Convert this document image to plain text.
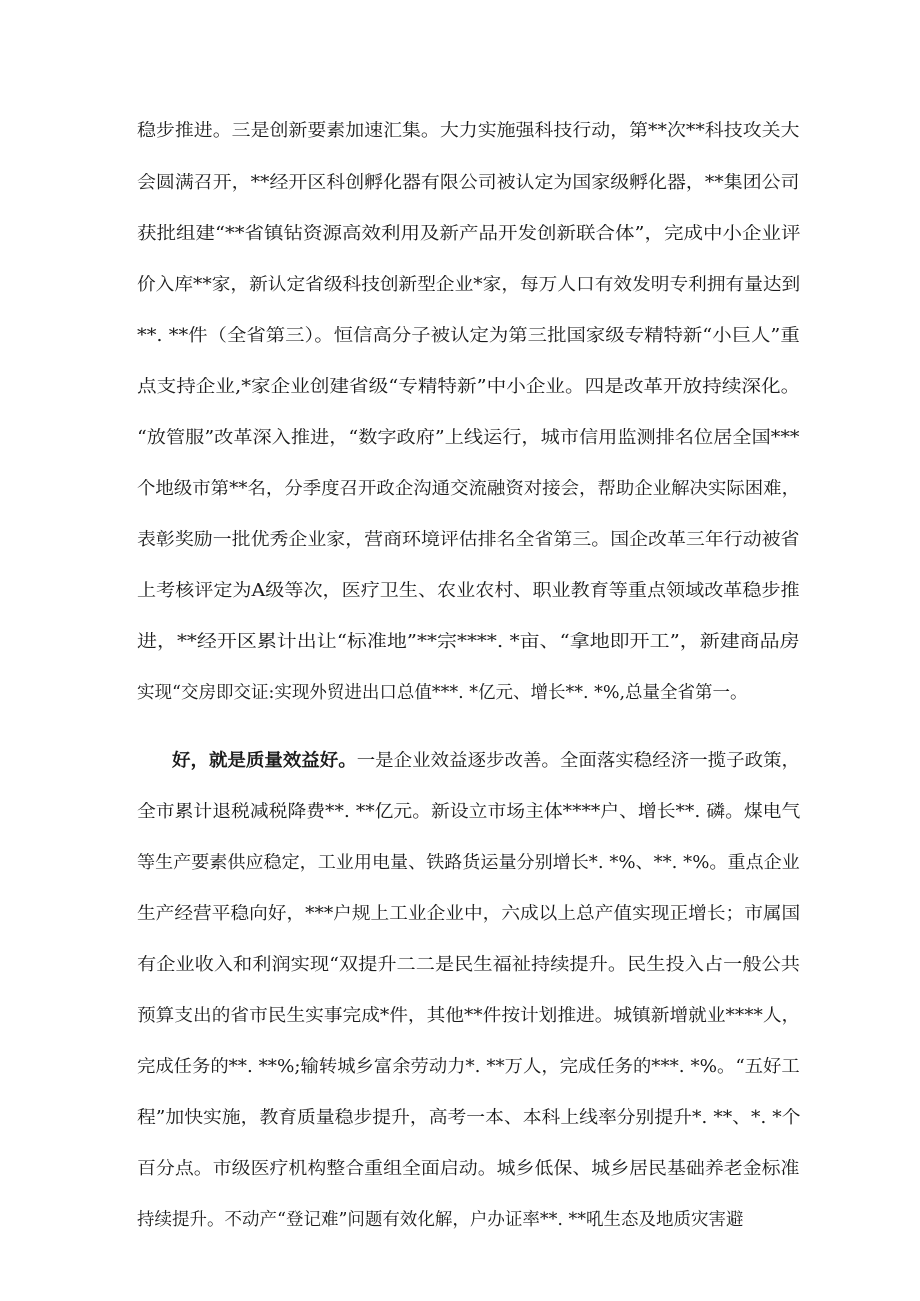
稳步推进。三是创新要素加速汇集。大力实施强科技行动，第**次**科技攻关大
会圆满召开，**经开区科创孵化器有限公司被认定为国家级孵化器，**集团公司
获批组建“**省镇钻资源高效利用及新产品开发创新联合体”，完成中小企业评
价入库**家，新认定省级科技创新型企业*家，每万人口有效发明专利拥有量达到
**. **件（全省第三）。恒信高分子被认定为第三批国家级专精特新“小巨人”重
点支持企业,*家企业创建省级“专精特新”中小企业。四是改革开放持续深化。
“放管服”改革深入推进，“数字政府”上线运行，城市信用监测排名位居全国***
个地级市第**名，分季度召开政企沟通交流融资对接会，帮助企业解决实际困难，
表彰奖励一批优秀企业家，营商环境评估排名全省第三。国企改革三年行动被省
上考核评定为A级等次，医疗卫生、农业农村、职业教育等重点领域改革稳步推
进，**经开区累计出让“标准地”**宗****. *亩、“拿地即开工”，新建商品房
实现“交房即交证:实现外贸进出口总值***. *亿元、增长**. *%,总量全省第一。
好，就是质量效益好。一是企业效益逐步改善。全面落实稳经济一揽子政策，
全市累计退税减税降费**. **亿元。新设立市场主体****户、增长**. 磷。煤电气
等生产要素供应稳定，工业用电量、铁路货运量分别增长*. *%、**. *%。重点企业
生产经营平稳向好，***户规上工业企业中，六成以上总产值实现正增长；市属国
有企业收入和利润实现“双提升二二是民生福祉持续提升。民生投入占一般公共
预算支出的省市民生实事完成*件，其他**件按计划推进。城镇新增就业****人，
完成任务的**. **%;输转城乡富余劳动力*. **万人，完成任务的***. *%。“五好工
程”加快实施，教育质量稳步提升，高考一本、本科上线率分别提升*. **、*. *个
百分点。市级医疗机构整合重组全面启动。城乡低保、城乡居民基础养老金标准
持续提升。不动产“登记难”问题有效化解，户办证率**. **吼生态及地质灾害避
